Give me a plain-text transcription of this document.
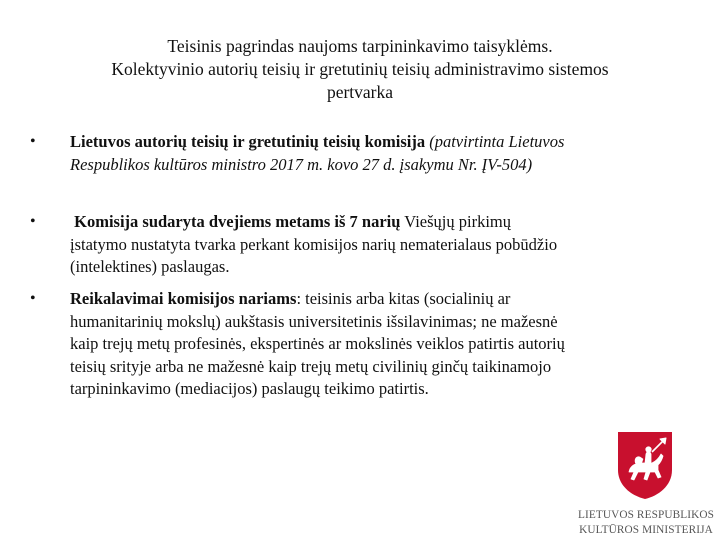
Teisinis pagrindas naujoms tarpininkavimo taisyklėms.
Kolektyvinio autorių teisių ir gretutinių teisių administravimo sistemos
pertvarka
• Lietuvos autorių teisių ir gretutinių teisių komisija (patvirtinta Lietuvos
Respublikos kultūros ministro 2017 m. kovo 27 d. įsakymu Nr. ĮV-504)
• Komisija sudaryta dvejiems metams iš 7 narių Viešųjų pirkimų
įstatymo nustatyta tvarka perkant komisijos narių nematerialaus pobūdžio
(intelektines) paslaugas.
• Reikalavimai komisijos nariams: teisinis arba kitas (socialinių ar
humanitarinių mokslų) aukštasis universitetinis išsilavinimas; ne mažesnė
kaip trejų metų profesinės, ekspertinės ar mokslinės veiklos patirtis autorių
teisių srityje arba ne mažesnė kaip trejų metų civilinių ginčų taikinamojo
tarpininkavimo (mediacijos) paslaugų teikimo patirtis.
LIETUVOS RESPUBLIKOS
KULTŪROS MINISTERIJA
